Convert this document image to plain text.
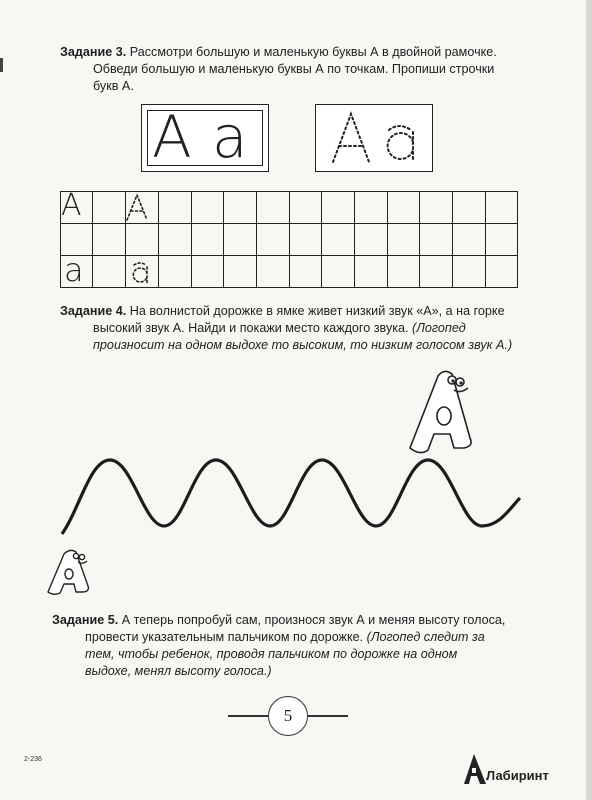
Задание 3. Рассмотри большую и маленькую буквы А в двойной рамочке.
Обведи большую и маленькую буквы А по точкам. Пропиши строчки
букв А.
А а
А
а
Задание 4. На волнистой дорожке в ямке живет низкий звук «А», а на горке
высокий звук А. Найди и покажи место каждого звука. (Логопед
произносит на одном выдохе то высоким, то низким голосом звук А.)
Задание 5. А теперь попробуй сам, произнося звук А и меняя высоту голоса,
провести указательным пальчиком по дорожке. (Логопед следит за
тем, чтобы ребенок, проводя пальчиком по дорожке на одном
выдохе, менял высоту голоса.)
5
2-236
Лабиринт
